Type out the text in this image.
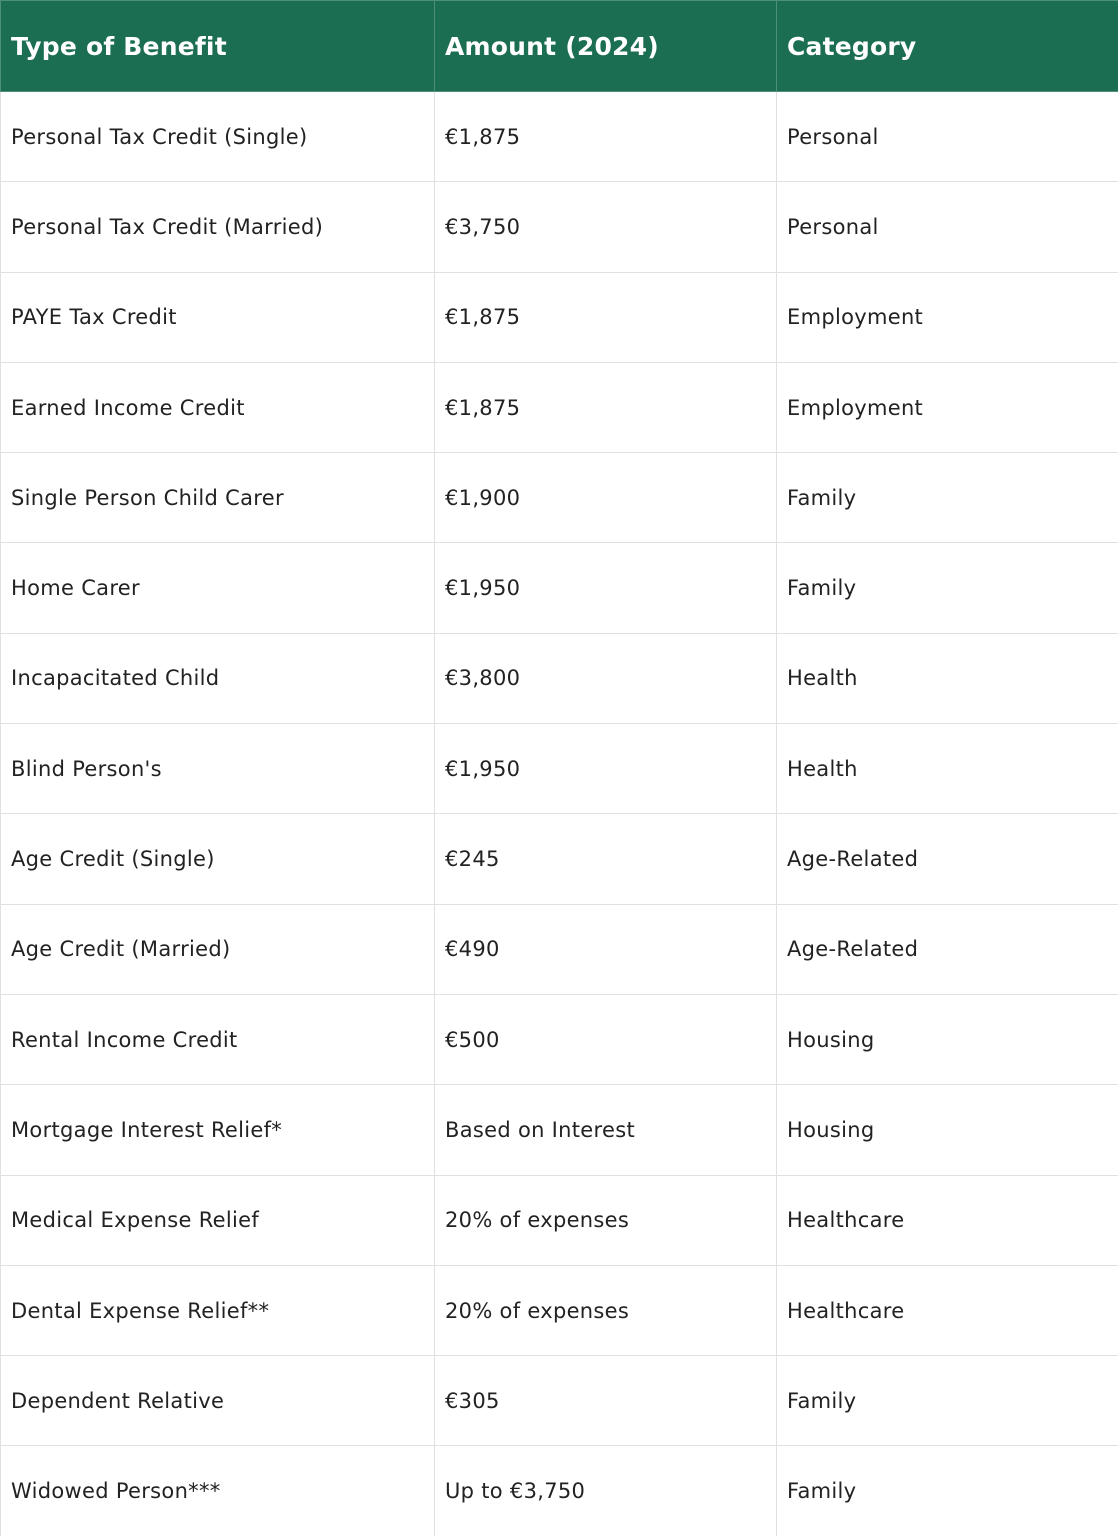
Type of Benefit	Amount (2024)	Category
Personal Tax Credit (Single)	€1,875	Personal
Personal Tax Credit (Married)	€3,750	Personal
PAYE Tax Credit	€1,875	Employment
Earned Income Credit	€1,875	Employment
Single Person Child Carer	€1,900	Family
Home Carer	€1,950	Family
Incapacitated Child	€3,800	Health
Blind Person's	€1,950	Health
Age Credit (Single)	€245	Age-Related
Age Credit (Married)	€490	Age-Related
Rental Income Credit	€500	Housing
Mortgage Interest Relief*	Based on Interest	Housing
Medical Expense Relief	20% of expenses	Healthcare
Dental Expense Relief**	20% of expenses	Healthcare
Dependent Relative	€305	Family
Widowed Person***	Up to €3,750	Family
